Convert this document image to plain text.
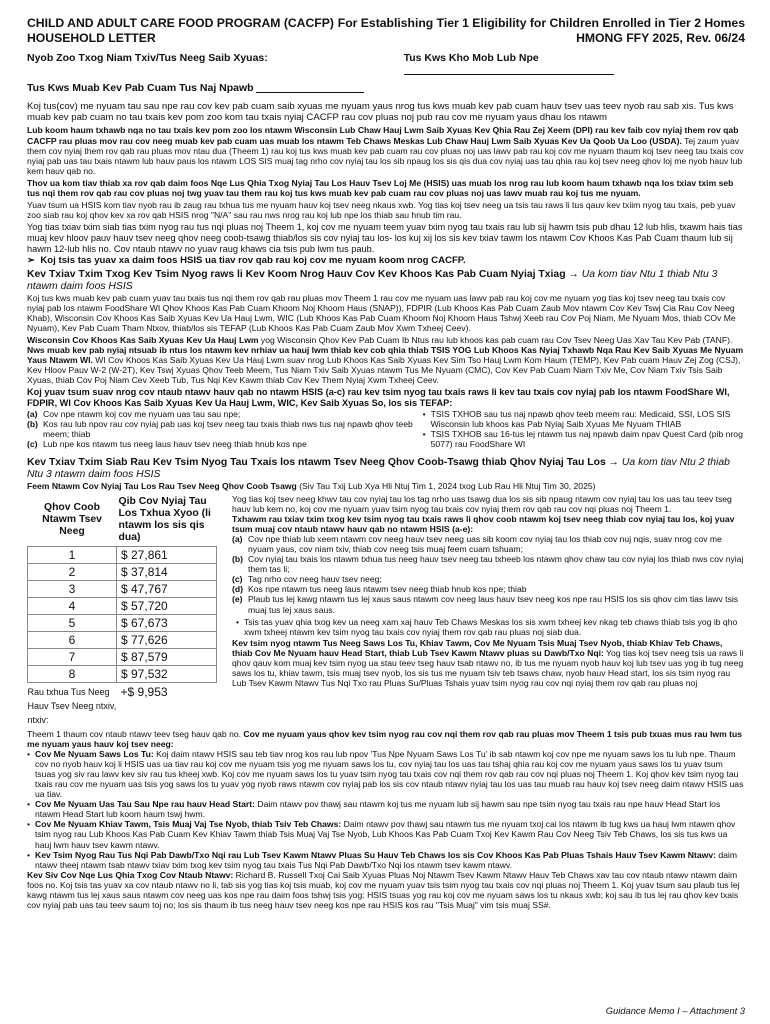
CHILD AND ADULT CARE FOOD PROGRAM (CACFP)
HOUSEHOLD LETTER
For Establishing Tier 1 Eligibility for Children Enrolled in Tier 2 Homes
HMONG FFY 2025, Rev. 06/24
Nyob Zoo Txog Niam Txiv/Tus Neeg Saib Xyuas:	Tus Kws Kho Mob Lub Npe
Tus Kws Muab Kev Pab Cuam Tus Naj Npawb

Koj tus(cov) me nyuam tau sau npe rau cov kev pab cuam saib xyuas me nyuam yaus nrog tus kws muab kev pab cuam hauv tsev uas teev nyob rau sab xis. Tus kws muab kev pab cuam no tau txais kev pom zoo kom tau txais nyiaj CACFP rau cov pluas noj pub rau cov me nyuam yaus dhau los ntawm

Lub koom haum txhawb nqa no tau txais kev pom zoo los ntawm Wisconsin Lub Chaw Hauj Lwm Saib Xyuas Kev Qhia Rau Zej Xeem (DPI) rau kev faib cov nyiaj them rov qab CACFP rau pluas mov rau cov neeg muab kev pab cuam uas muab los ntawm Teb Chaws Meskas Lub Chaw Hauj Lwm Saib Xyuas Kev Ua Qoob Ua Loo (USDA). Tej zaum yuav them cov nyiaj them rov qab rau pluas mov ntau dua (Theem 1) rau koj tus kws muab kev pab cuam rau cov pluas noj uas lawv pab rau koj cov me nyuam thaum koj tsev neeg tau txais cov nyiaj pab uas tau txais ntawm lub hauv paus los ntawm LOS SIS muaj tag nrho cov nyiaj tau los sib npaug los sis qis dua cov nyiaj uas tau qhia rau koj tsev neeg qhov loj me nyob hauv lub kem hauv qab no.

Thov ua kom tiav thiab xa rov qab daim foos Nqe Lus Qhia Txog Nyiaj Tau Los Hauv Tsev Loj Me (HSIS) uas muab los nrog rau lub koom haum txhawb nqa los txiav txim seb tus nqi them rov qab rau cov pluas noj twg yuav tau them rau koj tus kws muab kev pab cuam rau cov pluas noj uas lawv muab rau koj tus me nyuam.

Yuav tsum ua HSIS kom tiav nyob rau ib zaug rau txhua tus me nyuam hauv koj tsev neeg nkaus xwb. Yog tias koj tsev neeg ua tsis tau raws li tus qauv kev txiim nyog tau txais, peb yuav zoo siab rau koj qhov kev xa rov qab HSIS nrog "N/A" sau rau nws nrog rau koj lub npe los thiab sau hnub tim rau.

Yog tias txiav txim siab tias txim nyog rau tus nqi pluas noj Theem 1, koj cov me nyuam teem yuav txim nyog tau txais rau lub sij hawm tsis pub dhau 12 lub hlis, txawm hais tias muaj kev hloov pauv hauv tsev neeg qhov neeg coob-tsawg thiab/los sis cov nyiaj tau los- los kuj xij los sis kev txiav tawm los ntawm Cov Khoos Kas Pab Cuam thaum lub sij hawm 12-lub hlis no. Cov ntaub ntawv no yuav raug khaws cia tsis pub lwm tus paub.

➢  Koj tsis tas yuav xa daim foos HSIS ua tiav rov qab rau koj cov me nyuam koom nrog CACFP.

Kev Txiav Txim Txog Kev Tsim Nyog raws li Kev Koom Nrog Hauv Cov Kev Khoos Kas Pab Cuam Nyiaj Txiag → Ua kom tiav Ntu 1 thiab Ntu 3 ntawm daim foos HSIS

Koj tus kws muab kev pab cuam yuav tau txais tus nqi them rov qab rau pluas mov Theem 1 rau cov me nyuam uas lawv pab rau koj cov me nyuam yog tias koj tsev neeg tau txais cov nyiaj pab los ntawm FoodShare WI Qhov Khoos Kas Pab Cuam Khoom Noj Khoom Haus (SNAP)), FDPIR (Lub Khoos Kas Pab Cuam Zaub Mov ntawm Cov Kev Tswj Cia Rau Cov Neeg Khab), Wisconsin Cov Khoos Kas Saib Xyuas Kev Ua Hauj Lwm, WIC (Lub Khoos Kas Pab Cuam Khoom Noj Khoom Haus Tshwj Xeeb rau Cov Poj Niam, Me Nyuam Mos, thiab COv Me Nyuam), Kev Pab Cuam Tham Ntxov, thiab/los sis TEFAP (Lub Khoos Kas Pab Cuam Zaub Mov Xwm Txheej Ceev).

Wisconsin Cov Khoos Kas Saib Xyuas Kev Ua Hauj Lwm yog Wisconsin Qhov Kev Pab Cuam Ib Ntus rau lub khoos kas pab cuam rau Cov Tsev Neeg Uas Xav Tau Kev Pab (TANF). Nws muab kev pab nyiaj ntsuab ib ntus los ntawm kev nrhiav ua hauj lwm thiab kev cob qhia thiab TSIS YOG Lub Khoos Kas Nyiaj Txhawb Nqa Rau Kev Saib Xyuas Me Nyuam Yaus Ntawm WI. WI Cov Khoos Kas Saib Xyuas Kev Ua Hauj Lwm suav nrog Lub Khoos Kas Saib Xyuas Kev Sim Tso Hauj Lwm Kom Haum (TEMP), Kev Pab cuam Hauv Zej Zog (CSJ), Kev Hloov Pauv W-2 (W-2T), Kev Tswj Xyuas Qhov Teeb Meem, Tus Niam Txiv Saib Xyuas ntawm Tus Me Nyuam (CMC), Cov Kev Pab Cuam Niam Txiv Me, Cov Niam Txiv Tsis Saib Xyuas, thiab Cov Poj Niam Cev Xeeb Tub, Tus Nqi Kev Kawm thiab Cov Kev Them Nyiaj Xwm Txheej Ceev.

Koj yuav tsum suav nrog cov ntaub ntawv hauv qab no ntawm HSIS (a-c) rau kev tsim nyog tau txais raws li kev tau txais cov nyiaj pab los ntawm FoodShare WI, FDPIR, WI Cov Khoos Kas Saib Xyuas Kev Ua Hauj Lwm, WIC, Kev Saib Xyuas So, los sis TEFAP:

(a) Cov npe ntawm koj cov me nyuam uas tau sau npe;
(b) Kos rau lub npov rau cov nyiaj pab uas koj tsev neeg tau txais thiab nws tus naj npawb qhov teeb meem; thiab
(c) Lub npe kos ntawm tus neeg laus hauv tsev neeg thiab hnub kos npe
• TSIS TXHOB sau tus naj npawb qhov teeb meem rau: Medicaid, SSI, LOS SIS Wisconsin lub khoos kas Pab Nyiaj Saib Xyuas Me Nyuam THIAB
• TSIS TXHOB sau 16-tus lej ntawm tus naj npawb daim npav Quest Card (pib nrog 5077) rau FoodShare WI

Kev Txiav Txim Siab Rau Kev Tsim Nyog Tau Txais los ntawm Tsev Neeg Qhov Coob-Tsawg thiab Qhov Nyiaj Tau Los → Ua kom tiav Ntu 2 thiab Ntu 3 ntawm daim foos HSIS

Feem Ntawm Cov Nyiaj Tau Los Rau Tsev Neeg Qhov Coob Tsawg (Siv Tau Txij Lub Xya Hli Ntuj Tim 1, 2024 txog Lub Rau Hli Ntuj Tim 30, 2025)

Qhov Coob Ntawm Tsev Neeg	Qib Cov Nyiaj Tau Los Txhua Xyoo (li ntawm los sis qis dua)
1	$ 27,861
2	$ 37,814
3	$ 47,767
4	$ 57,720
5	$ 67,673
6	$ 77,626
7	$ 87,579
8	$ 97,532
Rau txhua Tus Neeg Hauv Tsev Neeg ntxiv, ntxiv:	+$ 9,953

Yog tias koj tsev neeg khwv tau cov nyiaj tau los tag nrho uas tsawg dua los sis sib npaug ntawm cov nyiaj tau los uas tau teev tseg hauv lub kem no, koj cov me nyuam yuav tsim nyog tau txais cov nyiaj them rov qab rau cov nqi pluas noj Theem 1.

Txhawm rau txiav txim txog kev tsim nyog tau txais raws li qhov coob ntawm koj tsev neeg thiab cov nyiaj tau los, koj yuav tsum muaj cov ntaub ntawv hauv qab no ntawm HSIS (a-e):

(a) Cov npe thiab lub xeem ntawm cov neeg hauv tsev neeg uas sib koom cov nyiaj tau los thiab cov nuj nqis, suav nrog cov me nyuam yaus, cov niam txiv, thiab cov neeg tsis muaj feem cuam tshuam;
(b) Cov nyiaj tau txais los ntawm txhua tus neeg hauv tsev neeg tau txheeb los ntawm qhov chaw tau cov nyiaj los thiab nws cov nyiaj them tas li;
(c) Tag nrho cov neeg hauv tsev neeg;
(d) Kos npe ntawm tus neeg laus ntawm tsev neeg thiab hnub kos npe; thiab
(e) Plaub tus lej kawg ntawm tus lej xaus saus ntawm cov neeg laus hauv tsev neeg kos npe rau HSIS los sis qhov cim tias lawv tsis muaj tus lej xaus saus.
• Tsis tas yuav qhia txog kev ua neeg xam xaj hauv Teb Chaws Meskas los sis xwm txheej kev nkag teb chaws thiab tsis yog ib qho xwm txheej ntawm kev tsim nyog tau txais cov nyiaj them rov qab rau pluas noj siab dua.

Kev tsim nyog ntawm Tus Neeg Saws Los Tu, Khiav Tawm, Cov Me Nyuam Tsis Muaj Tsev Nyob, thiab Khiav Teb Chaws, thiab Cov Me Nyuam hauv Head Start, thiab Lub Tsev Kawm Ntawv pluas su Dawb/Txo Nqi: Yog tias koj tsev neeg tsis ua raws li qhov qauv kom muaj kev tsim nyog ua stau teev tseg hauv tsab ntawv no, ib tus me nyuam nyob hauv koj lub tsev uas yog ib tug neeg saws los tu, khiav tawm, tsis muaj tsev nyob, los sis tus me nyuam tsiv teb tsaws chaw, nyob hauv Head start, los sis tsim nyog rau Lub Tsev Kawm Ntawv Tus Nqi Txo rau Pluas Su/Pluas Tshais yuav tsim nyog rau cov nqi nyiaj them rov qab rau pluas noj

Theem 1 thaum cov ntaub ntawv teev tseg hauv qab no. Cov me nyuam yaus qhov kev tsim nyog rau cov nqi them rov qab rau pluas mov Theem 1 tsis pub txuas mus rau lwm tus me nyuam yaus hauv koj tsev neeg:

• Cov Me Nyuam Saws Los Tu: Koj daim ntawv HSIS sau teb tiav nrog kos rau lub npov 'Tus Npe Nyuam Saws Los Tu' ib sab ntawm koj cov npe me nyuam saws los tu lub npe. Thaum cov no nyob hauv koj li HSIS uas ua tiav rau koj cov me nyuam tsis yog me nyuam saws los tu, cov nyiaj tau los uas tau tshaj qhia rau koj cov me nyuam yaus saws los tu yuav tsum tsuas yog siv rau lawv kev siv rau tus kheej xwb. Koj cov me nyuam saws los tu yuav tsim nyog tau txais cov nqi them rov qab rau cov nqi pluas noj Theem 1. Koj qhov kev tsim nyog tau txais rau cov me nyuam uas tsis yog saws los tu yuav yog nyob raws ntawm cov nyiaj pab los sis cov ntaub ntawv nyiaj tau los uas tau muab rau hauv koj tsev neeg daim ntawv HSIS uas ua tiav.
• Cov Me Nyuam Uas Tau Sau Npe rau hauv Head Start: Daim ntawv pov thawj sau ntawm koj tus me nyuam lub sij hawm sau npe tsim nyog tau txais rau npe hauv Head Start los ntawm Head Start lub koom haum tswj hwm.
• Cov Me Nyuam Khiav Tawm, Tsis Muaj Vaj Tse Nyob, thiab Tsiv Teb Chaws: Daim ntawv pov thawj sau ntawm tus me nyuam txoj cai los ntawm ib tug kws ua hauj lwm ntawm qhov tsim nyog rau Lub Khoos Kas Pab Cuam Kev Khiav Tawm thiab Tsis Muaj Vaj Tse Nyob, Lub Khoos Kas Pab Cuam Txoj Kev Kawm Rau Cov Neeg Tsiv Teb Chaws, los sis tus kws ua hauj lwm hauv tsev kawm ntawv.
• Kev Tsim Nyog Rau Tus Nqi Pab Dawb/Txo Nqi rau Lub Tsev Kawm Ntawv Pluas Su Hauv Teb Chaws los sis Cov Khoos Kas Pab Pluas Tshais Hauv Tsev Kawm Ntawv: daim ntawv theej ntawm tsab ntawv txiav txim txog kev tsim nyog tau txais Tus Nqi Pab Dawb/Txo Nqi los ntawm tsev kawm ntawv.

Kev Siv Cov Nqe Lus Qhia Txog Cov Ntaub Ntawv: Richard B. Russell Txoj Cai Saib Xyuas Pluas Noj Ntawm Tsev Kawm Ntawv Hauv Teb Chaws xav tau cov ntaub ntawv ntawm daim foos no. Koj tsis tas yuav xa cov ntaub ntawv no li, tab sis yog tias koj tsis muab, koj cov me nyuam yuav tsis tsim nyog tau txais cov nqi pluas noj Theem 1. Koj yuav tsum sau plaub tus lej kawg ntawm tus lej xaus saus ntawm cov neeg uas kos npe rau daim foos tshwj tsis yog: HSIS tsuas yog rau koj cov me nyuam saws los tu nkaus xwb; koj sau ib tus lej rau qhov kev txais cov nyiaj pab uas tau teev saum toj no; los sis thaum ib tus neeg hauv tsev neeg kos npe rau HSIS kos rau "Tsis Muaj" vim tsis muaj SS#.

Guidance Memo I – Attachment 3
